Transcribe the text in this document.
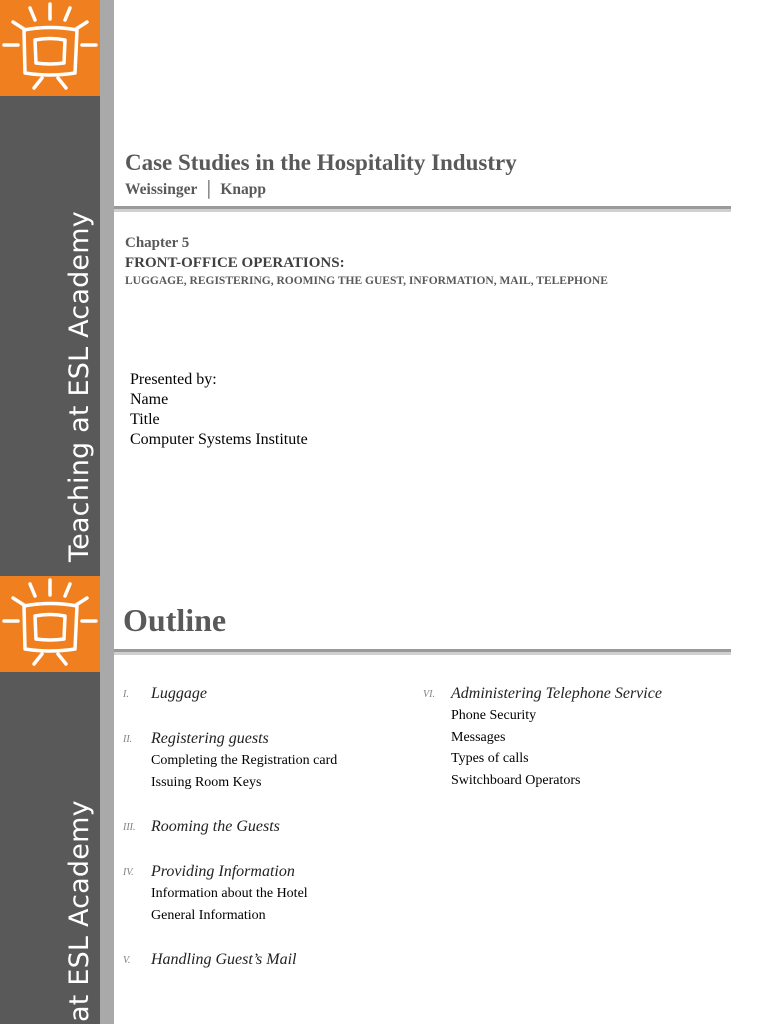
Teaching at ESL Academy
Case Studies in the Hospitality Industry
Weissinger │ Knapp
Chapter 5
FRONT-OFFICE OPERATIONS:
LUGGAGE, REGISTERING, ROOMING THE GUEST, INFORMATION, MAIL, TELEPHONE
Presented by:
Name
Title
Computer Systems Institute
at ESL Academy
Outline
I. Luggage
II. Registering guests
Completing the Registration card
Issuing Room Keys
III. Rooming the Guests
IV. Providing Information
Information about the Hotel
General Information
V. Handling Guest’s Mail
VI. Administering Telephone Service
Phone Security
Messages
Types of calls
Switchboard Operators
